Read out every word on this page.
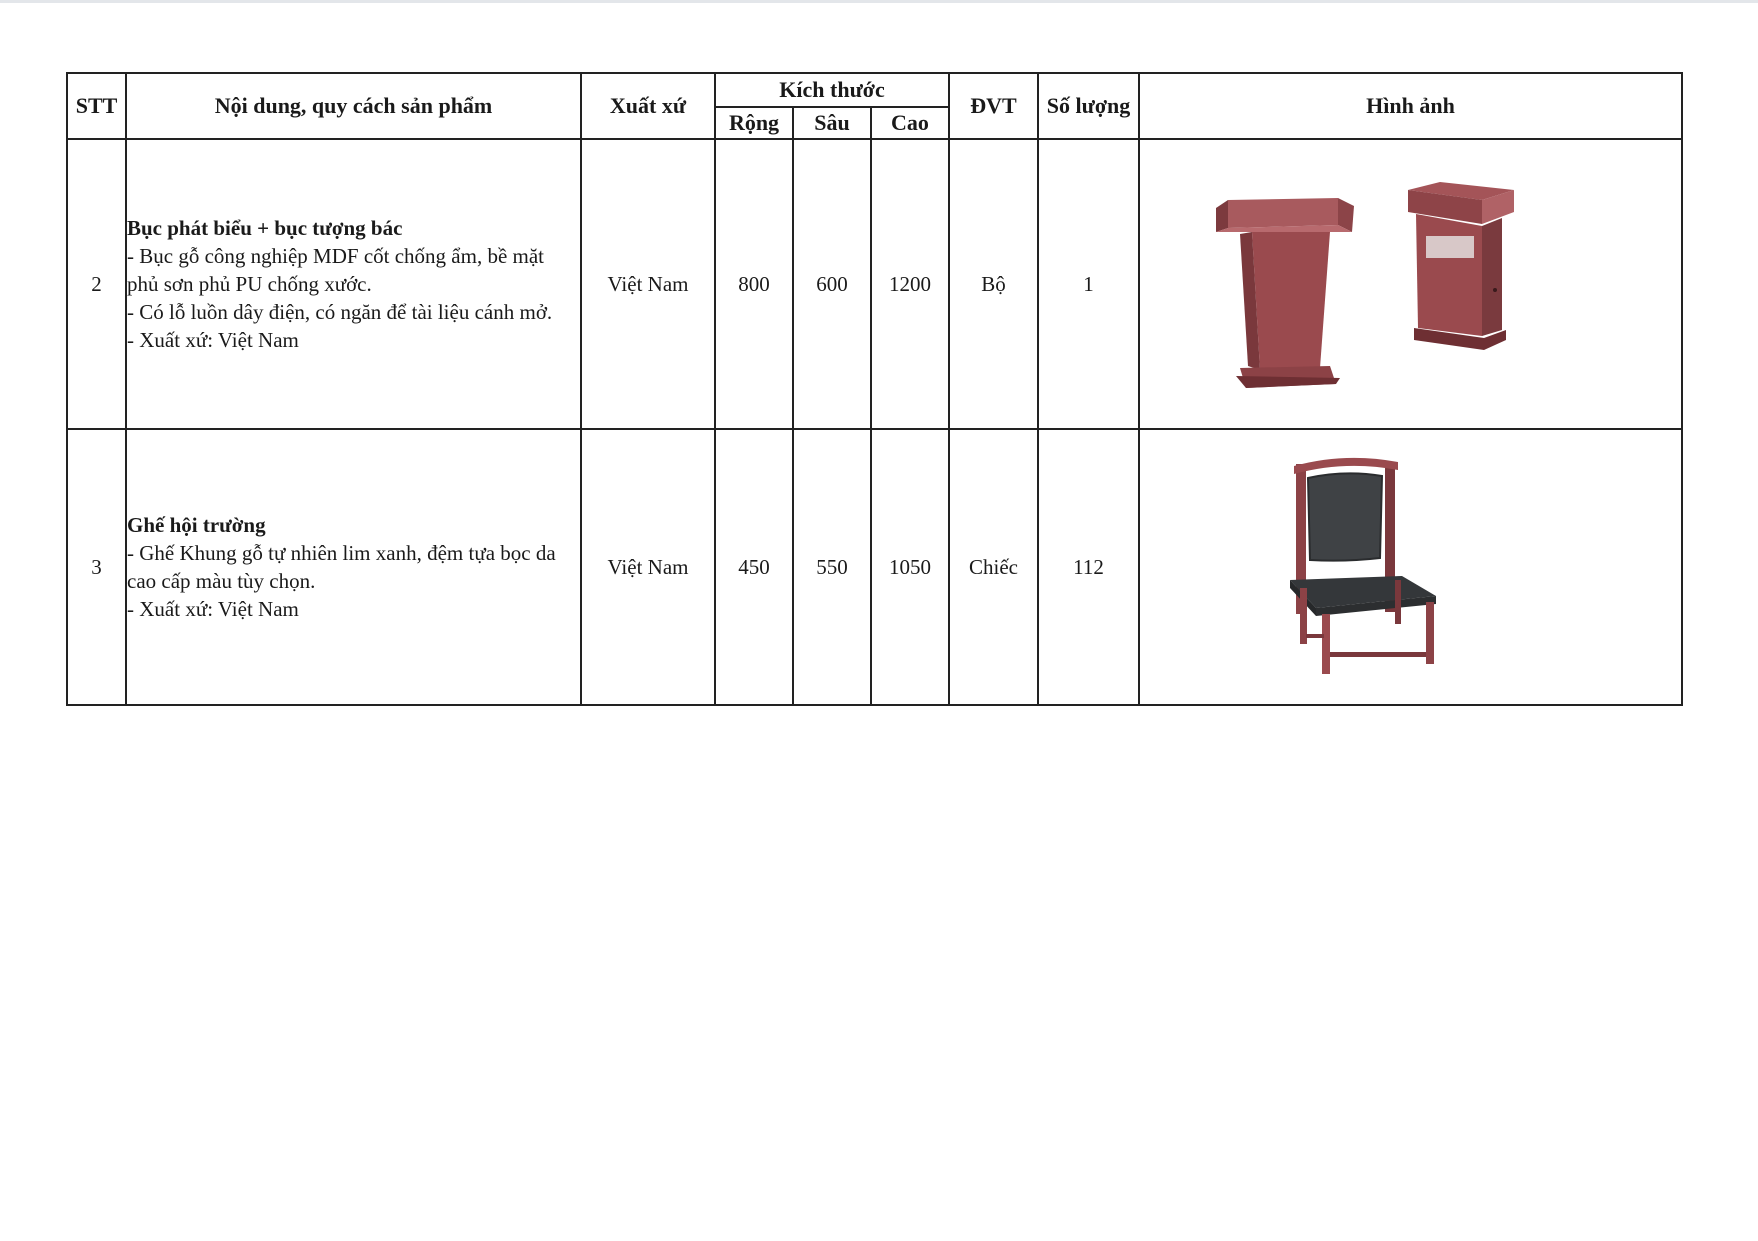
STT	Nội dung, quy cách sản phẩm	Xuất xứ	Kích thước			ĐVT	Số lượng	Hình ảnh
			Rộng	Sâu	Cao			
2	Bục phát biểu + bục tượng bác
- Bục gỗ công nghiệp MDF cốt chống ẩm, bề mặt phủ sơn phủ PU chống xước.
- Có lỗ luồn dây điện, có ngăn để tài liệu cánh mở.
- Xuất xứ: Việt Nam	Việt Nam	800	600	1200	Bộ	1	

3	Ghế hội trường
- Ghế Khung gỗ tự nhiên lim xanh, đệm tựa bọc da cao cấp màu tùy chọn.
- Xuất xứ: Việt Nam	Việt Nam	450	550	1050	Chiếc	112	
